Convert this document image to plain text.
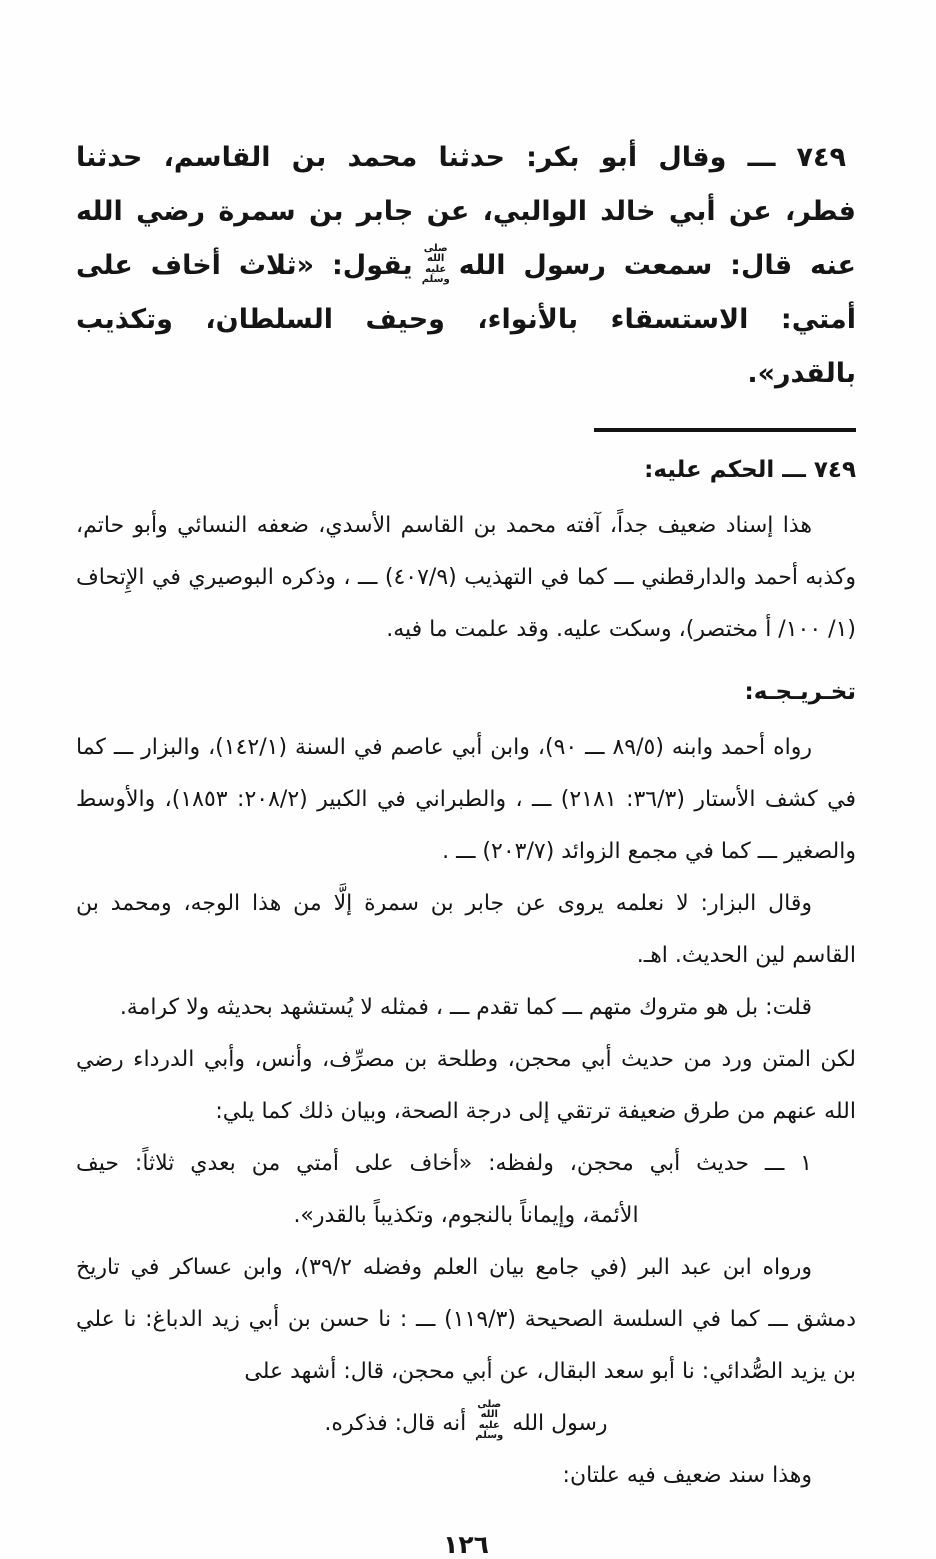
٧٤٩ ـــ وقال أبو بكر: حدثنا محمد بن القاسم، حدثنا فطر، عن أبي خالد الوالبي، عن جابر بن سمرة رضي الله عنه قال: سمعت رسول اللهصلى الله عليه وسلميقول: «ثلاث أخاف على أمتي: الاستسقاء بالأنواء، وحيف السلطان، وتكذيب بالقدر».

٧٤٩ ـــ الحكم عليه:

هذا إسناد ضعيف جداً، آفته محمد بن القاسم الأسدي، ضعفه النسائي وأبو حاتم، وكذبه أحمد والدارقطني ـــ كما في التهذيب (٤٠٧/٩) ـــ ، وذكره البوصيري في الإِتحاف (١/ ١٠٠/ أ مختصر)، وسكت عليه. وقد علمت ما فيه.

تخـريـجـه:

رواه أحمد وابنه (٨٩/٥ ـــ ٩٠)، وابن أبي عاصم في السنة (١٤٢/١)، والبزار ـــ كما في كشف الأستار (٣٦/٣: ٢١٨١) ـــ ، والطبراني في الكبير (٢٠٨/٢: ١٨٥٣)، والأوسط والصغير ـــ كما في مجمع الزوائد (٢٠٣/٧) ـــ .

وقال البزار: لا نعلمه يروى عن جابر بن سمرة إلَّا من هذا الوجه، ومحمد بن القاسم لين الحديث. اهـ.

قلت: بل هو متروك متهم ـــ كما تقدم ـــ ، فمثله لا يُستشهد بحديثه ولا كرامة.

لكن المتن ورد من حديث أبي محجن، وطلحة بن مصرِّف، وأنس، وأبي الدرداء رضي الله عنهم من طرق ضعيفة ترتقي إلى درجة الصحة، وبيان ذلك كما يلي:

١ ـــ حديث أبي محجن، ولفظه: «أخاف على أمتي من بعدي ثلاثاً: حيف

الأئمة، وإيماناً بالنجوم، وتكذيباً بالقدر».

ورواه ابن عبد البر (في جامع بيان العلم وفضله ٣٩/٢)، وابن عساكر في تاريخ دمشق ـــ كما في السلسة الصحيحة (١١٩/٣) ـــ : نا حسن بن أبي زيد الدباغ: نا علي بن يزيد الصُّدائي: نا أبو سعد البقال، عن أبي محجن، قال: أشهد على

رسول اللهصلى الله عليه وسلمأنه قال: فذكره.

وهذا سند ضعيف فيه علتان:

١٢٦
